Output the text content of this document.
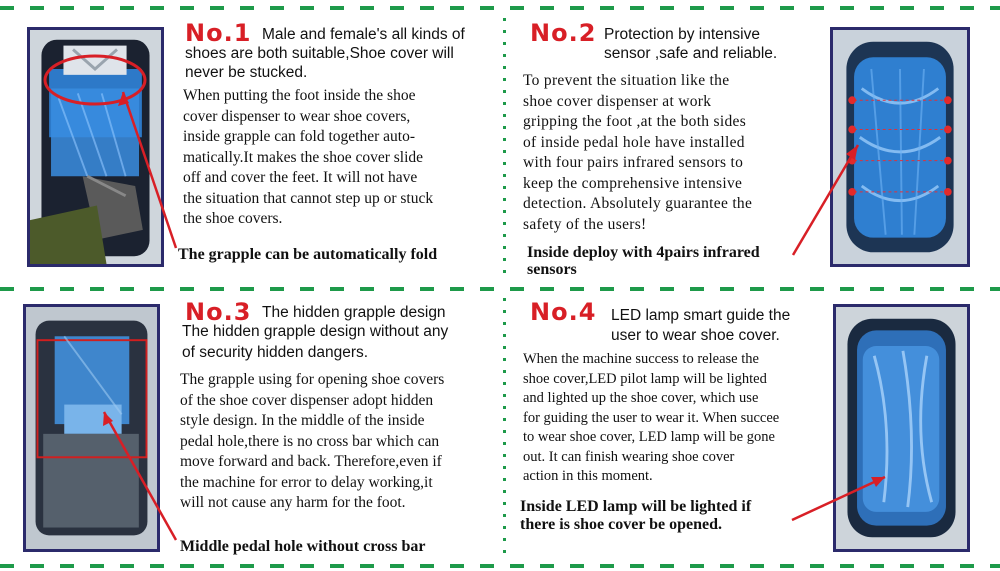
No.1 Male and female's all kinds of
shoes are both suitable,Shoe cover will
never be stucked.
When putting the foot inside the shoe
cover dispenser to wear shoe covers,
inside grapple can fold together auto-
matically.It makes the shoe cover slide
off and cover the feet. It will not have
the situation that cannot step up or stuck
the shoe covers.
The grapple can be automatically fold
No.2 Protection by intensive
sensor ,safe and reliable.
To prevent the situation like the
shoe cover dispenser at work
gripping the foot ,at the both sides
of inside pedal hole have installed
with four pairs infrared sensors to
keep the comprehensive intensive
detection. Absolutely guarantee the
safety of the users!
Inside deploy with 4pairs infrared
sensors
No.3 The hidden grapple design
The hidden grapple design without any
of security hidden dangers.
The grapple using for opening shoe covers
of the shoe cover dispenser adopt hidden
style design. In the middle of the inside
pedal hole,there is no cross bar which can
move forward and back. Therefore,even if
the machine for error to delay working,it
will not cause any harm for the foot.
Middle pedal hole without cross bar
No.4 LED lamp smart guide the
user to wear shoe cover.
When the machine success to release the
shoe cover,LED pilot lamp will be lighted
and lighted up the shoe cover, which use
for guiding the user to wear it. When succee
to wear shoe cover, LED lamp will be gone
out. It can finish wearing shoe cover
action in this moment.
Inside LED lamp will be lighted if
there is shoe cover be opened.
